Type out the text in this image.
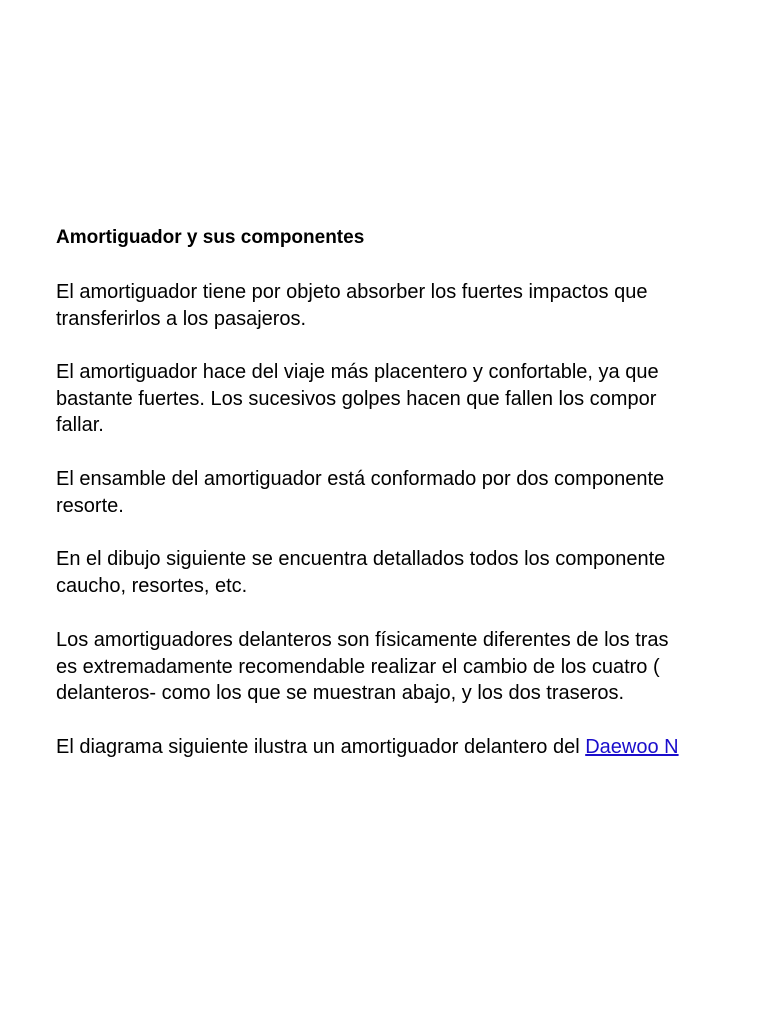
Amortiguador y sus componentes

El amortiguador tiene por objeto absorber los fuertes impactos que
transferirlos a los pasajeros.

El amortiguador hace del viaje más placentero y confortable, ya que
bastante fuertes. Los sucesivos golpes hacen que fallen los compor
fallar.

El ensamble del amortiguador está conformado por dos componente
resorte.

En el dibujo siguiente se encuentra detallados todos los componente
caucho, resortes, etc.

Los amortiguadores delanteros son físicamente diferentes de los tras
es extremadamente recomendable realizar el cambio de los cuatro (
delanteros- como los que se muestran abajo, y los dos traseros.

El diagrama siguiente ilustra un amortiguador delantero del Daewoo N
